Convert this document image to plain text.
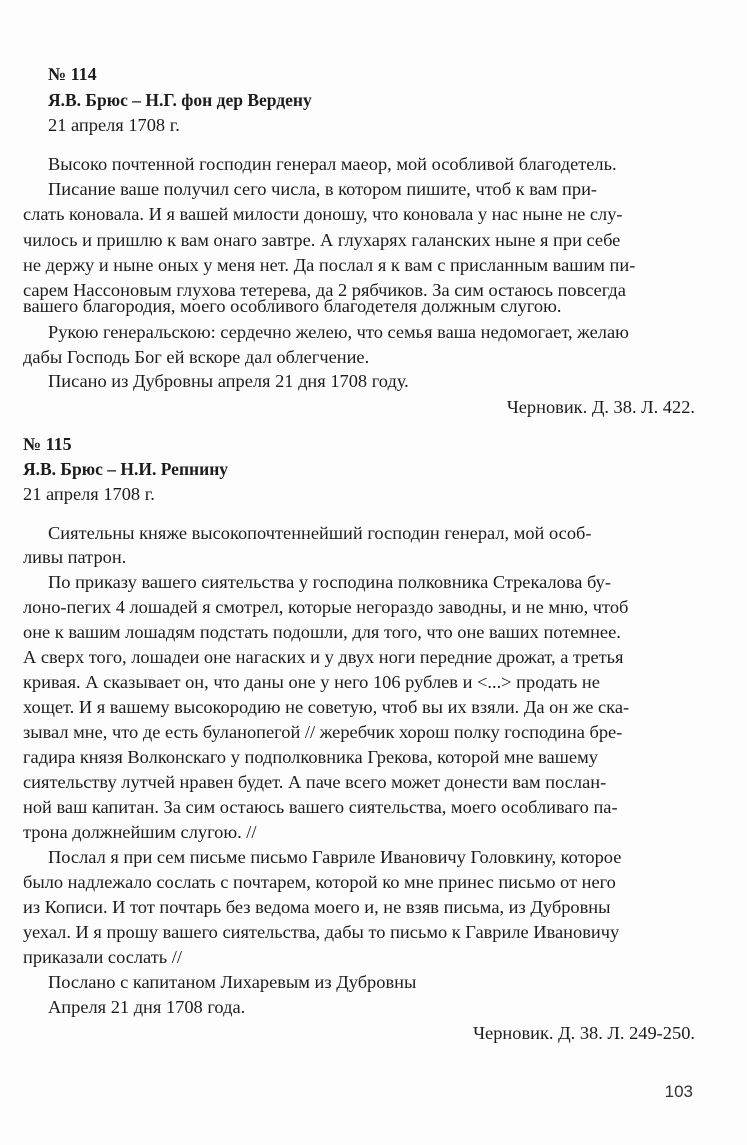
№ 114
Я.В. Брюс – Н.Г. фон дер Вердену
21 апреля 1708 г.
Высоко почтенной господин генерал маеор, мой особливой благодетель.
Писание ваше получил сего числа, в котором пишите, чтоб к вам при-
слать коновала. И я вашей милости доношу, что коновала у нас ныне не слу-
чилось и пришлю к вам онаго завтре. А глухарях галанских ныне я при себе
не держу и ныне оных у меня нет. Да послал я к вам с присланным вашим пи-
сарем Нассоновым глухова тетерева, да 2 рябчиков. За сим остаюсь повсегда
вашего благородия, моего особливого благодетеля должным слугою.
Рукою генеральскою: сердечно желею, что семья ваша недомогает, желаю
дабы Господь Бог ей вскоре дал облегчение.
Писано из Дубровны апреля 21 дня 1708 году.
Черновик. Д. 38. Л. 422.
№ 115
Я.В. Брюс – Н.И. Репнину
21 апреля 1708 г.
Сиятельны княже высокопочтеннейший господин генерал, мой особ-
ливы патрон.
По приказу вашего сиятельства у господина полковника Стрекалова бу-
лоно-пегих 4 лошадей я смотрел, которые негораздо заводны, и не мню, чтоб
оне к вашим лошадям подстать подошли, для того, что оне ваших потемнее.
А сверх того, лошадеи оне нагаских и у двух ноги передние дрожат, а третья
кривая. А сказывает он, что даны оне у него 106 рублев и <...> продать не
хощет. И я вашему высокородию не советую, чтоб вы их взяли. Да он же ска-
зывал мне, что де есть буланопегой // жеребчик хорош полку господина бре-
гадира князя Волконскаго у подполковника Грекова, которой мне вашему
сиятельству лутчей нравен будет. А паче всего может донести вам послан-
ной ваш капитан. За сим остаюсь вашего сиятельства, моего особливаго па-
трона должнейшим слугою. //
Послал я при сем письме письмо Гавриле Ивановичу Головкину, которое
было надлежало сослать с почтарем, которой ко мне принес письмо от него
из Кописи. И тот почтарь без ведома моего и, не взяв письма, из Дубровны
уехал. И я прошу вашего сиятельства, дабы то письмо к Гавриле Ивановичу
приказали сослать //
Послано с капитаном Лихаревым из Дубровны
Апреля 21 дня 1708 года.
Черновик. Д. 38. Л. 249-250.
103
